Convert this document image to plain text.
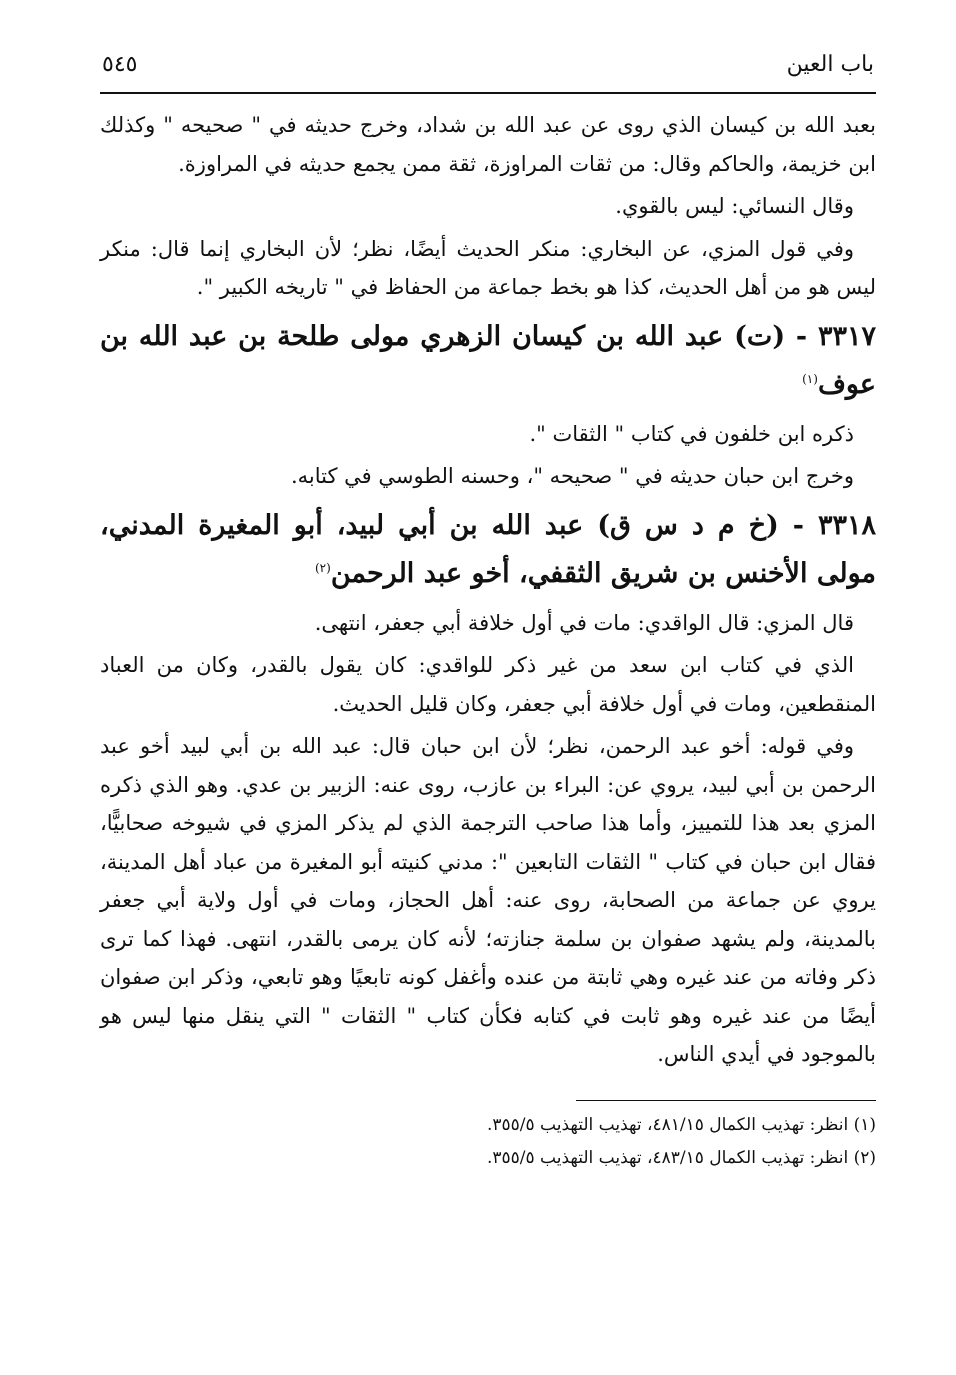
باب العين
٥٤٥

بعبد الله بن كيسان الذي روى عن عبد الله بن شداد، وخرج حديثه في " صحيحه " وكذلك ابن خزيمة، والحاكم وقال: من ثقات المراوزة، ثقة ممن يجمع حديثه في المراوزة.

وقال النسائي: ليس بالقوي.

وفي قول المزي، عن البخاري: منكر الحديث أيضًا، نظر؛ لأن البخاري إنما قال: منكر ليس هو من أهل الحديث، كذا هو بخط جماعة من الحفاظ في " تاريخه الكبير ".

٣٣١٧ - (ت) عبد الله بن كيسان الزهري مولى طلحة بن عبد الله بن عوف$^{(١)}$

ذكره ابن خلفون في كتاب " الثقات ".

وخرج ابن حبان حديثه في " صحيحه "، وحسنه الطوسي في كتابه.

٣٣١٨ - (خ م د س ق) عبد الله بن أبي لبيد، أبو المغيرة المدني، مولى الأخنس بن شريق الثقفي، أخو عبد الرحمن$^{(٢)}$

قال المزي: قال الواقدي: مات في أول خلافة أبي جعفر، انتهى.

الذي في كتاب ابن سعد من غير ذكر للواقدي: كان يقول بالقدر، وكان من العباد المنقطعين، ومات في أول خلافة أبي جعفر، وكان قليل الحديث.

وفي قوله: أخو عبد الرحمن، نظر؛ لأن ابن حبان قال: عبد الله بن أبي لبيد أخو عبد الرحمن بن أبي لبيد، يروي عن: البراء بن عازب، روى عنه: الزبير بن عدي. وهو الذي ذكره المزي بعد هذا للتمييز، وأما هذا صاحب الترجمة الذي لم يذكر المزي في شيوخه صحابيًّا، فقال ابن حبان في كتاب " الثقات التابعين ": مدني كنيته أبو المغيرة من عباد أهل المدينة، يروي عن جماعة من الصحابة، روى عنه: أهل الحجاز، ومات في أول ولاية أبي جعفر بالمدينة، ولم يشهد صفوان بن سلمة جنازته؛ لأنه كان يرمى بالقدر، انتهى. فهذا كما ترى ذكر وفاته من عند غيره وهي ثابتة من عنده وأغفل كونه تابعيًا وهو تابعي، وذكر ابن صفوان أيضًا من عند غيره وهو ثابت في كتابه فكأن كتاب " الثقات " التي ينقل منها ليس هو بالموجود في أيدي الناس.

(١) انظر: تهذيب الكمال ٤٨١/١٥، تهذيب التهذيب ٣٥٥/٥.
(٢) انظر: تهذيب الكمال ٤٨٣/١٥، تهذيب التهذيب ٣٥٥/٥.
